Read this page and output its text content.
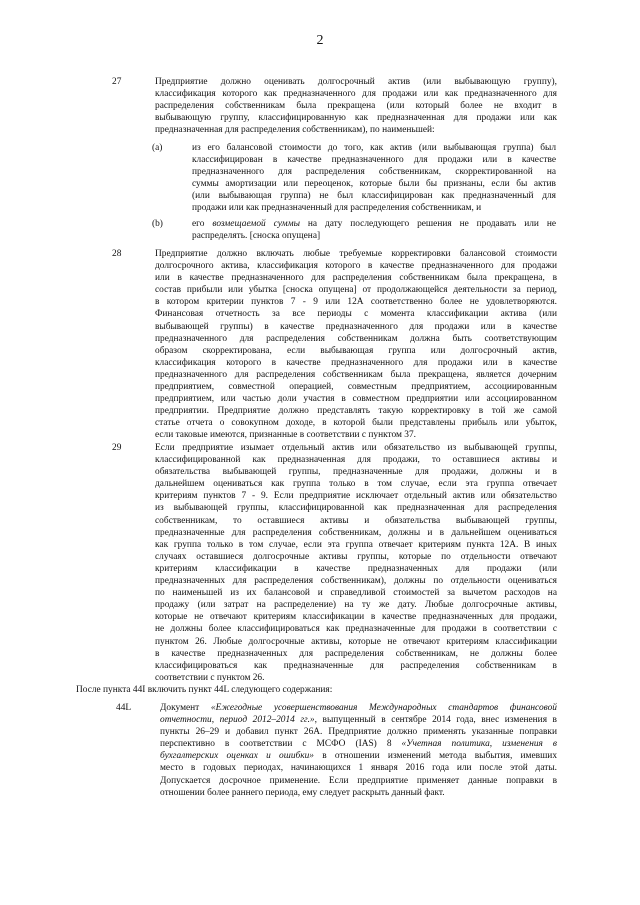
2
27	Предприятие должно оценивать долгосрочный актив (или выбывающую группу),
классификация которого как предназначенного для продажи или как предназначенного для
распределения собственникам была прекращена (или который более не входит в
выбывающую группу, классифицированную как предназначенная для продажи или как
предназначенная для распределения собственникам), по наименьшей:
(a)	из его балансовой стоимости до того, как актив (или выбывающая группа) был
классифицирован в качестве предназначенного для продажи или в качестве
предназначенного для распределения собственникам, скорректированной на
суммы амортизации или переоценок, которые были бы признаны, если бы актив
(или выбывающая группа) не был классифицирован как предназначенный для
продажи или как предназначенный для распределения собственникам, и
(b)	его возмещаемой суммы на дату последующего решения не продавать или не
распределять. [сноска опущена]
28	Предприятие должно включать любые требуемые корректировки балансовой стоимости
долгосрочного актива, классификация которого в качестве предназначенного для продажи
или в качестве предназначенного для распределения собственникам была прекращена, в
состав прибыли или убытка [сноска опущена] от продолжающейся деятельности за период,
в котором критерии пунктов 7 - 9 или 12А соответственно более не удовлетворяются.
Финансовая отчетность за все периоды с момента классификации актива (или
выбывающей группы) в качестве предназначенного для продажи или в качестве
предназначенного для распределения собственникам должна быть соответствующим
образом скорректирована, если выбывающая группа или долгосрочный актив,
классификация которого в качестве предназначенного для продажи или в качестве
предназначенного для распределения собственникам была прекращена, является дочерним
предприятием, совместной операцией, совместным предприятием, ассоциированным
предприятием, или частью доли участия в совместном предприятии или ассоциированном
предприятии. Предприятие должно представлять такую корректировку в той же самой
статье отчета о совокупном доходе, в которой были представлены прибыль или убыток,
если таковые имеются, признанные в соответствии с пунктом 37.
29	Если предприятие изымает отдельный актив или обязательство из выбывающей группы,
классифицированной как предназначенная для продажи, то оставшиеся активы и
обязательства выбывающей группы, предназначенные для продажи, должны и в
дальнейшем оцениваться как группа только в том случае, если эта группа отвечает
критериям пунктов 7 - 9. Если предприятие исключает отдельный актив или обязательство
из выбывающей группы, классифицированной как предназначенная для распределения
собственникам, то оставшиеся активы и обязательства выбывающей группы,
предназначенные для распределения собственникам, должны и в дальнейшем оцениваться
как группа только в том случае, если эта группа отвечает критериям пункта 12А. В иных
случаях оставшиеся долгосрочные активы группы, которые по отдельности отвечают
критериям классификации в качестве предназначенных для продажи (или
предназначенных для распределения собственникам), должны по отдельности оцениваться
по наименьшей из их балансовой и справедливой стоимостей за вычетом расходов на
продажу (или затрат на распределение) на ту же дату. Любые долгосрочные активы,
которые не отвечают критериям классификации в качестве предназначенных для продажи,
не должны более классифицироваться как предназначенные для продажи в соответствии с
пунктом 26. Любые долгосрочные активы, которые не отвечают критериям классификации
в качестве предназначенных для распределения собственникам, не должны более
классифицироваться как предназначенные для распределения собственникам в
соответствии с пунктом 26.
После пункта 44I включить пункт 44L следующего содержания:
44L	Документ «Ежегодные усовершенствования Международных стандартов финансовой
отчетности, период 2012–2014 гг.», выпущенный в сентябре 2014 года, внес изменения в
пункты 26–29 и добавил пункт 26А. Предприятие должно применять указанные поправки
перспективно в соответствии с МСФО (IAS) 8 «Учетная политика, изменения в
бухгалтерских оценках и ошибки» в отношении изменений метода выбытия, имевших
место в годовых периодах, начинающихся 1 января 2016 года или после этой даты.
Допускается досрочное применение. Если предприятие применяет данные поправки в
отношении более раннего периода, ему следует раскрыть данный факт.
